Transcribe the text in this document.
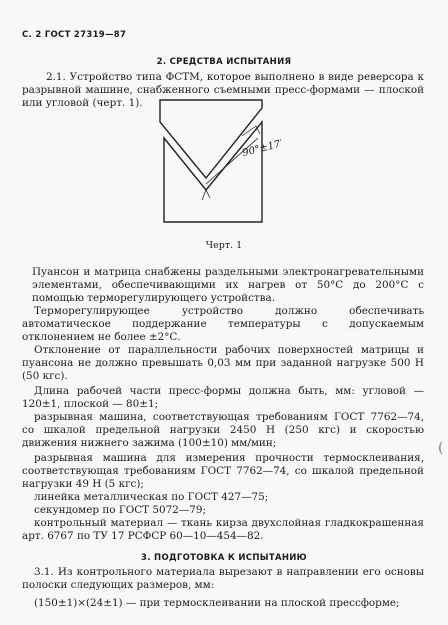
С. 2 ГОСТ 27319—87
2. СРЕДСТВА ИСПЫТАНИЯ

2.1. Устройство типа ФСТМ, которое выполнено в виде реверсора к разрывной машине, снабженного съемными пресс-формами — плоской или угловой (черт. 1).

90°±17′
Черт. 1

Пуансон и матрица снабжены раздельными электронагревательными элементами, обеспечивающими их нагрев от 50°С до 200°С с помощью терморегулирующего устройства.

Терморегулирующее устройство должно обеспечивать автоматическое поддержание температуры с допускаемым отклонением не более ±2°С.

Отклонение от параллельности рабочих поверхностей матрицы и пуансона не должно превышать 0,03 мм при заданной нагрузке 500 Н (50 кгс).

Длина рабочей части пресс-формы должна быть, мм: угловой — 120±1, плоской — 80±1;

разрывная машина, соответствующая требованиям ГОСТ 7762—74, со шкалой предельной нагрузки 2450 Н (250 кгс) и скоростью движения нижнего зажима (100±10) мм/мин;

разрывная машина для измерения прочности термосклеивания, соответствующая требованиям ГОСТ 7762—74, со шкалой предельной нагрузки 49 Н (5 кгс);

линейка металлическая по ГОСТ 427—75;

секундомер по ГОСТ 5072—79;

контрольный материал — ткань кирза двухслойная гладкокрашенная арт. 6767 по ТУ 17 РСФСР 60—10—454—82.

3. ПОДГОТОВКА К ИСПЫТАНИЮ

3.1. Из контрольного материала вырезают в направлении его основы полоски следующих размеров, мм:

(150±1)×(24±1) — при термосклеивании на плоской прессформе;

(
